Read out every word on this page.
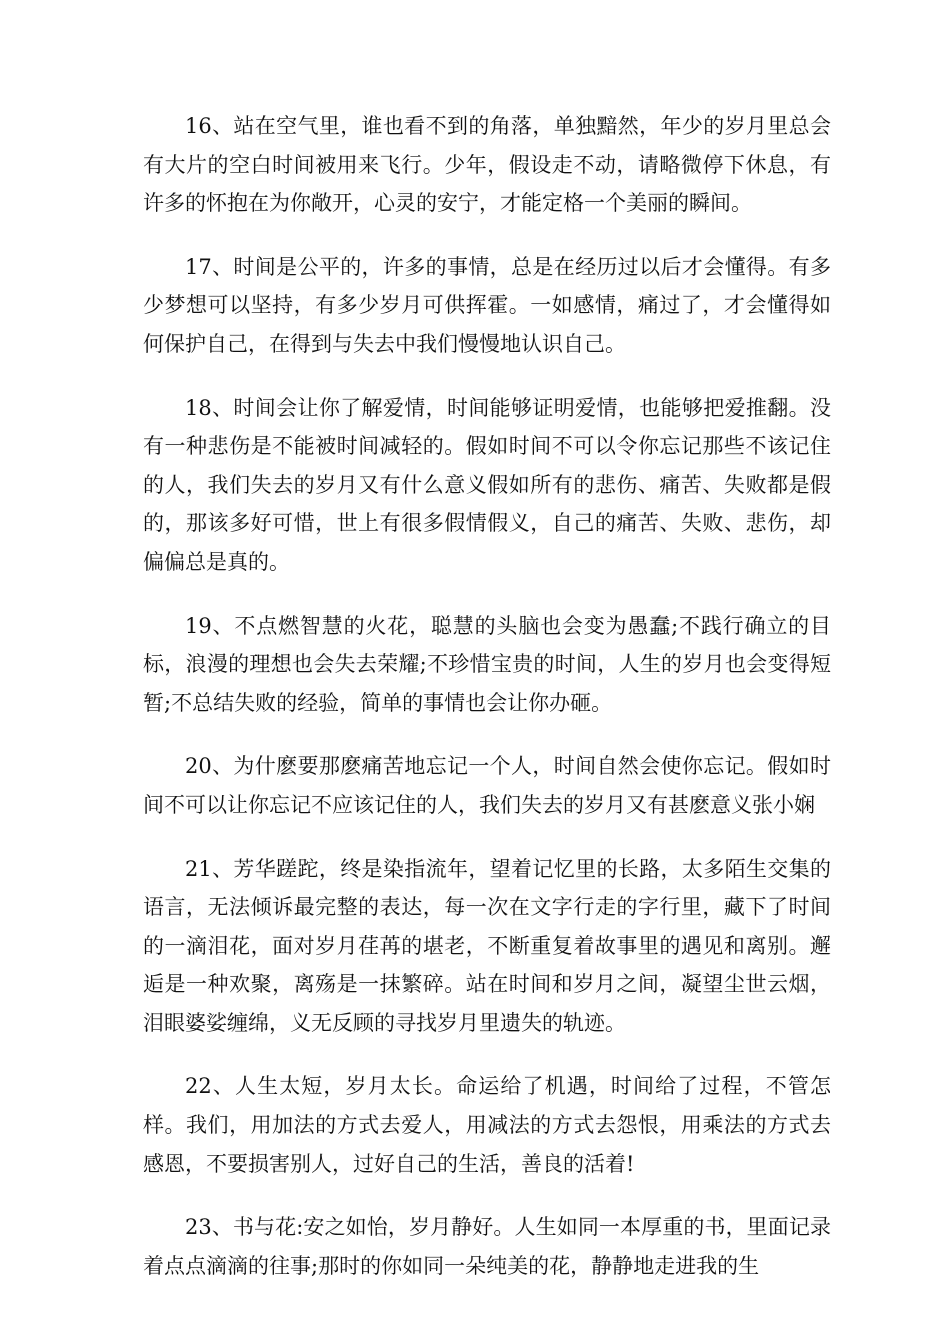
16、站在空气里，谁也看不到的角落，单独黯然，年少的岁月里总会有大片的空白时间被用来飞行。少年，假设走不动，请略微停下休息，有许多的怀抱在为你敞开，心灵的安宁，才能定格一个美丽的瞬间。

17、时间是公平的，许多的事情，总是在经历过以后才会懂得。有多少梦想可以坚持，有多少岁月可供挥霍。一如感情，痛过了，才会懂得如何保护自己，在得到与失去中我们慢慢地认识自己。

18、时间会让你了解爱情，时间能够证明爱情，也能够把爱推翻。没有一种悲伤是不能被时间减轻的。假如时间不可以令你忘记那些不该记住的人，我们失去的岁月又有什么意义假如所有的悲伤、痛苦、失败都是假的，那该多好可惜，世上有很多假情假义，自己的痛苦、失败、悲伤，却偏偏总是真的。

19、不点燃智慧的火花，聪慧的头脑也会变为愚蠢;不践行确立的目标，浪漫的理想也会失去荣耀;不珍惜宝贵的时间，人生的岁月也会变得短暂;不总结失败的经验，简单的事情也会让你办砸。

20、为什麽要那麽痛苦地忘记一个人，时间自然会使你忘记。假如时间不可以让你忘记不应该记住的人，我们失去的岁月又有甚麽意义张小娴

21、芳华蹉跎，终是染指流年，望着记忆里的长路，太多陌生交集的语言，无法倾诉最完整的表达，每一次在文字行走的字行里，藏下了时间的一滴泪花，面对岁月荏苒的堪老，不断重复着故事里的遇见和离别。邂逅是一种欢聚，离殇是一抹繁碎。站在时间和岁月之间，凝望尘世云烟，泪眼婆娑缠绵，义无反顾的寻找岁月里遗失的轨迹。

22、人生太短，岁月太长。命运给了机遇，时间给了过程，不管怎样。我们，用加法的方式去爱人，用减法的方式去怨恨，用乘法的方式去感恩，不要损害别人，过好自己的生活，善良的活着!

23、书与花:安之如怡，岁月静好。人生如同一本厚重的书，里面记录着点点滴滴的往事;那时的你如同一朵纯美的花，静静地走进我的生
